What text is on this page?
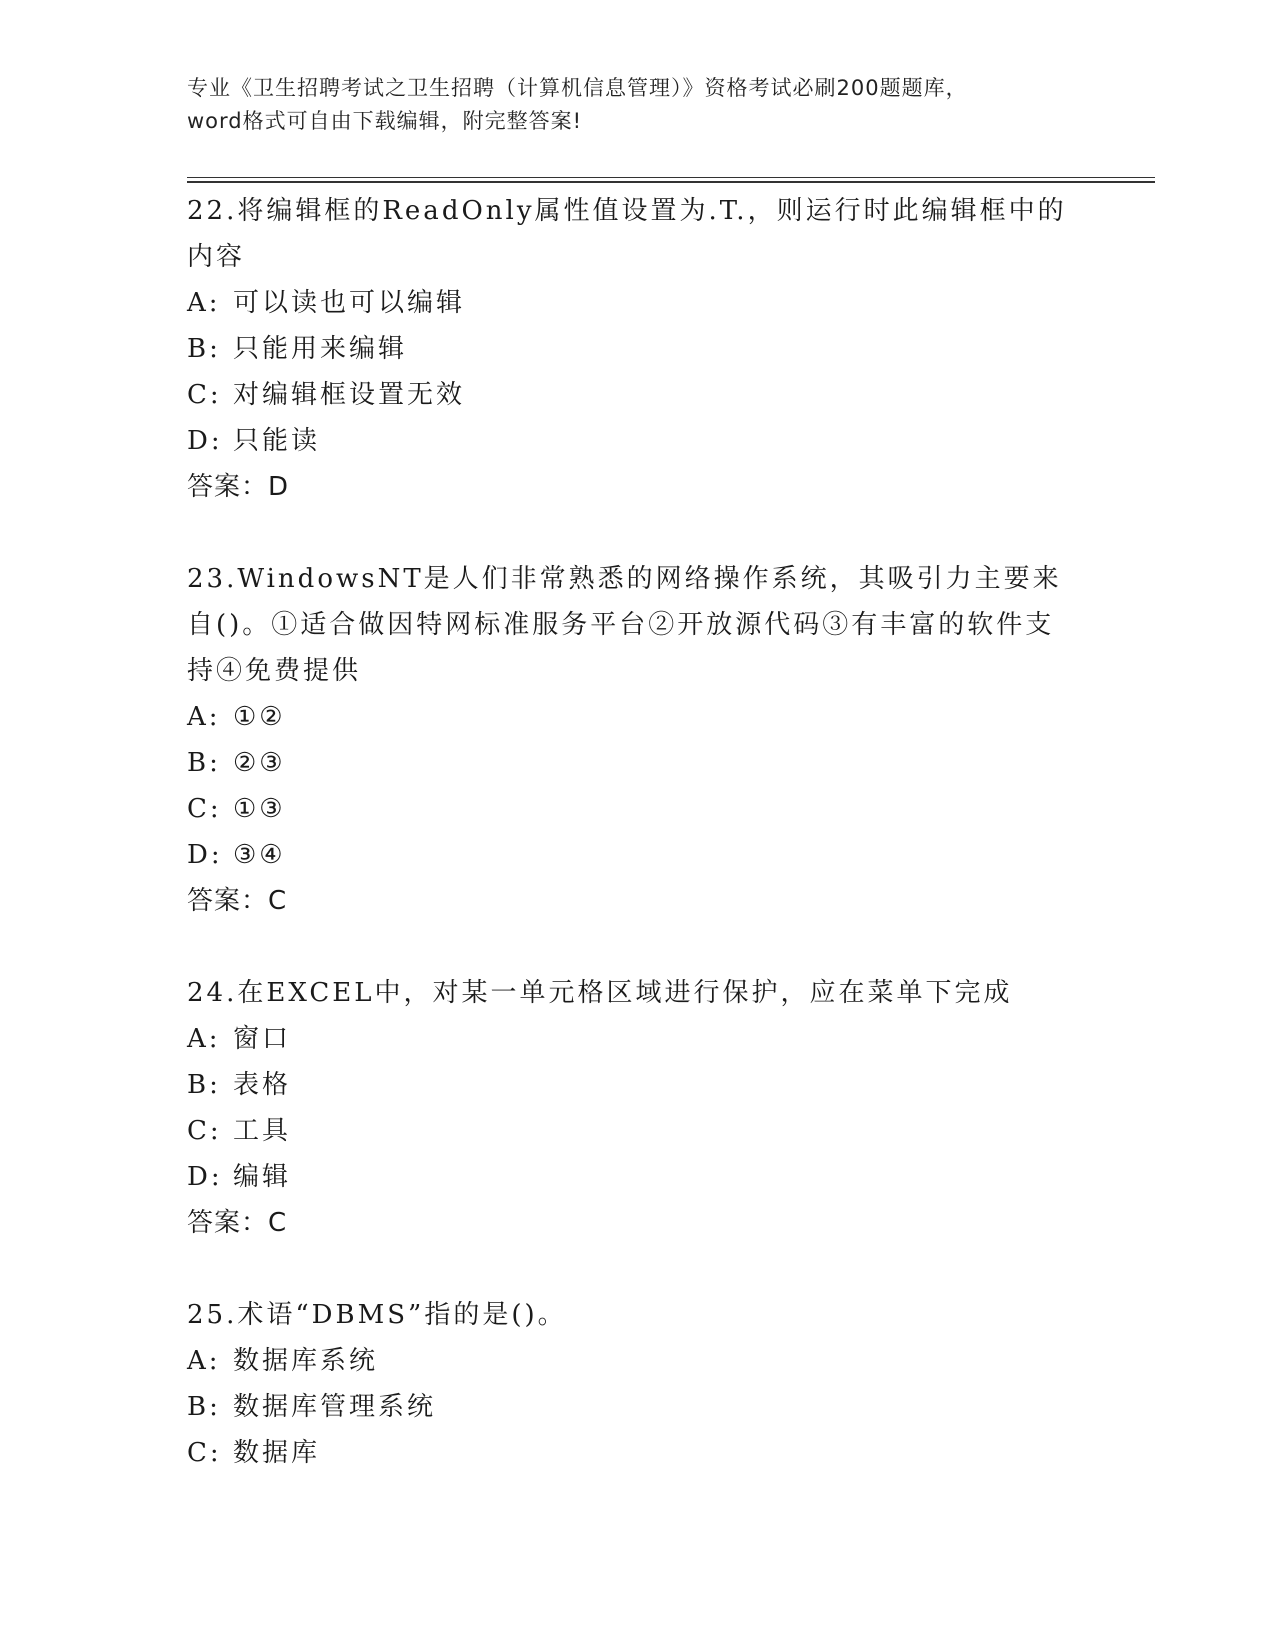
专业《卫生招聘考试之卫生招聘（计算机信息管理）》资格考试必刷200题题库，
word格式可自由下载编辑，附完整答案!

22.将编辑框的ReadOnly属性值设置为.T.，则运行时此编辑框中的内容

A: 可以读也可以编辑
B: 只能用来编辑
C: 对编辑框设置无效
D: 只能读

答案：D

23.WindowsNT是人们非常熟悉的网络操作系统，其吸引力主要来自()。①适合做因特网标准服务平台②开放源代码③有丰富的软件支持④免费提供

A: ①②
B: ②③
C: ①③
D: ③④

答案：C

24.在EXCEL中，对某一单元格区域进行保护，应在菜单下完成

A: 窗口
B: 表格
C: 工具
D: 编辑

答案：C

25.术语“DBMS”指的是()。

A: 数据库系统
B: 数据库管理系统
C: 数据库
